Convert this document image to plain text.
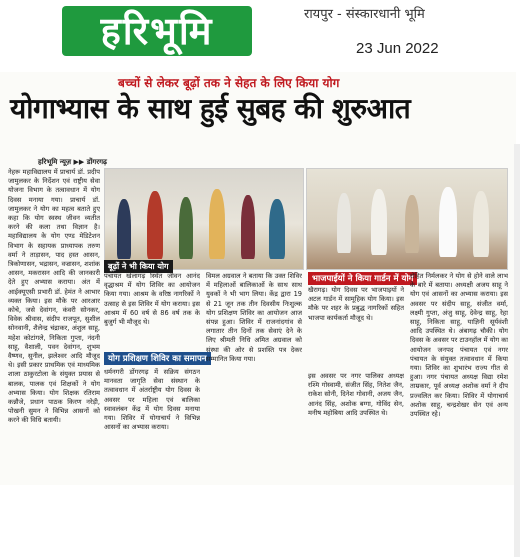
हरिभूमि	रायपुर - संस्कारधानी भूमि
23 Jun 2022
बच्चों से लेकर बूढ़ों तक ने सेहत के लिए किया योग
योगाभ्यास के साथ हुई सुबह की शुरुआत
हरिभूमि न्यूज़ ▶▶ डोंगरगढ़
नेहरू महाविद्यालय में प्राचार्य डॉ. प्रदीप जामुलकर के निर्देशन एवं राष्ट्रीय सेवा योजना विभाग के तत्वावधान में योग दिवस मनाया गया। प्राचार्य डॉ. जामुलकर ने योग का महत्व बताते हुए कहा कि योग स्वस्थ जीवन व्यतीत करने की कला तथा विज्ञान है। महाविद्यालय के योग एण्ड मेडिटेशन विभाग के सहायक प्राध्यापक तरुण वर्मा ने ताड़ासन, पाद हस्त आसन, त्रिकोणासन, भद्रासन, वज्रासन, शशांक आसन, मकरासन आदि की जानकारी देते हुए अभ्यास कराया। अंत में आईक्यूएसी प्रभारी डॉ. हेमंत ने आभार व्यक्त किया। इस मौके पर आरआर कोचे, जसे देवांगन, कंवरी सोनकर, विवेक श्रीवास, संदीप राजपूत, सुशील सोनवानी, शैलेन्द्र चंद्राकर, अंशुल साहू, महेश कोटांगले, निकिता गुप्ता, नंदनी साहू, वैशाली, पवन देवांगन, शुभम वैष्णव, सुनील, झलेश्वर आदि मौजूद थे। इसी प्रकार प्राथमिक एवं माध्यमिक शाला ठाकुरटोला के संयुक्त प्रयास से बालक, पालक एवं शिक्षकों ने योग अभ्यास किया। योग शिक्षक रतिराम कन्नौजे, प्रधान पाठक किरण नरेड़ी, पोखनी सुमन ने विभिन्न आसनों को करने की विधि बतायी।
बूढ़ों ने भी किया योग
पंचायत खेलागढ़ स्थित जीवन आनंद वृद्धाश्रम में योग शिविर का आयोजन किया गया। आश्रम के वरिष्ठ नागरिकों ने उत्साह से इस शिविर में योग कराया। इस आश्रम में 60 वर्ष से 86 वर्ष तक के बुजुर्ग भी मौजूद थे।
योग प्रशिक्षण शिविर का समापन
धर्मनगरी डोंगरगढ़ में सक्रिय संगठन मानवता जागृति सेवा संस्थान के तत्वावधान में अंतर्राष्ट्रीय योग दिवस के अवसर पर महिला एवं बालिका स्वावलंबन केंद्र में योग दिवस मनाया गया। शिविर में योगाचार्य ने विभिन्न आसनों का अभ्यास कराया।
विमल अग्रवाल ने बताया कि उक्त शिविर में महिलाओं बालिकाओं के साथ साथ युवकों ने भी भाग लिया। केंद्र द्वारा 19 से 21 जून तक तीन दिवसीय निःशुल्क योग प्रशिक्षण शिविर का आयोजन आज संपन्न हुआ। शिविर में राजनांदगांव से लगातार तीन दिनों तक सेवाएं देने के लिए श्रीमती निधि अमित अग्रवाल को संस्था की ओर से प्रशस्ति पत्र देकर सम्मानित किया गया।
भाजपाईयों ने किया गार्डन में योग
खैरागढ़। योग दिवस पर भाजपाइयों ने अटल गार्डन में सामूहिक योग किया। इस मौके पर शहर के प्रबुद्ध नागरिकों सहित भाजपा कार्यकर्ता मौजूद थे।
इस अवसर पर नगर पालिका अध्यक्ष रश्मि गोस्वामी, संजीत सिंह, नितेश जैन, राकेश सोनी, दिनेश गोवानी, अजय जैन, आनंद सिंह, अशोक बग्गा, गोविंद सेन, मनीष महोबिया आदि उपस्थित थे।
रोहित निर्मलकर ने योग से होने वाले लाभ के बारे में बताया। अध्यक्षी अजय साहू ने योग एवं आसनों का अभ्यास कराया। इस अवसर पर संदीप साहू, संजीत वर्मा, लक्ष्मी गुप्ता, अंजु साहू, देवेन्द्र साहू, रेहा साहू, निकिता साहू, याज्ञिनी सूर्यवंशी आदि उपस्थित थे। अंबागढ़ चौकी। योग दिवस के अवसर पर टाउनहॉल में योग का आयोजन जनपद पंचायत एवं नगर पंचायत के संयुक्त तत्वावधान में किया गया। शिविर का शुभारंभ राज्य गीत से हुआ। नगर पंचायत अध्यक्ष विद्या रमेश ताम्रकार, पूर्व अध्यक्ष अशोक वर्मा ने दीप प्रज्वलित कर किया। शिविर में योगाचार्य अशोक साहू, चन्द्रशेखर सेन एवं अन्य उपस्थित रहे।
